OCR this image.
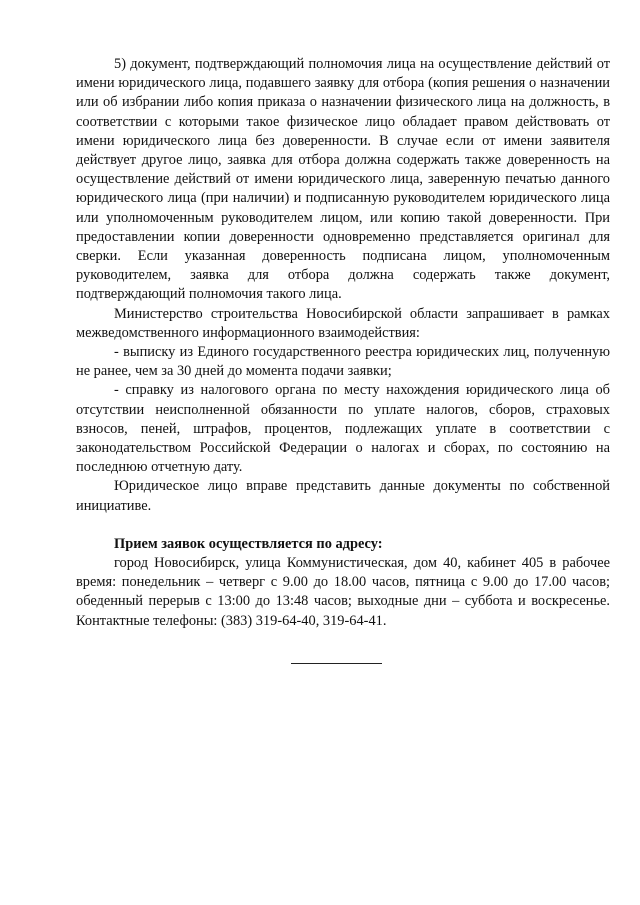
5) документ, подтверждающий полномочия лица на осуществление действий от имени юридического лица, подавшего заявку для отбора (копия решения о назначении или об избрании либо копия приказа о назначении физического лица на должность, в соответствии с которыми такое физическое лицо обладает правом действовать от имени юридического лица без доверенности. В случае если от имени заявителя действует другое лицо, заявка для отбора должна содержать также доверенность на осуществление действий от имени юридического лица, заверенную печатью данного юридического лица (при наличии) и подписанную руководителем юридического лица или уполномоченным руководителем лицом, или копию такой доверенности. При предоставлении копии доверенности одновременно представляется оригинал для сверки. Если указанная доверенность подписана лицом, уполномоченным руководителем, заявка для отбора должна содержать также документ, подтверждающий полномочия такого лица.

Министерство строительства Новосибирской области запрашивает в рамках межведомственного информационного взаимодействия:

- выписку из Единого государственного реестра юридических лиц, полученную не ранее, чем за 30 дней до момента подачи заявки;

- справку из налогового органа по месту нахождения юридического лица об отсутствии неисполненной обязанности по уплате налогов, сборов, страховых взносов, пеней, штрафов, процентов, подлежащих уплате в соответствии с законодательством Российской Федерации о налогах и сборах, по состоянию на последнюю отчетную дату.

Юридическое лицо вправе представить данные документы по собственной инициативе.

Прием заявок осуществляется по адресу:

город Новосибирск, улица Коммунистическая, дом 40, кабинет 405 в рабочее время: понедельник – четверг с 9.00 до 18.00 часов, пятница с 9.00 до 17.00 часов; обеденный перерыв с 13:00 до 13:48 часов; выходные дни – суббота и воскресенье. Контактные телефоны: (383) 319-64-40, 319-64-41.
